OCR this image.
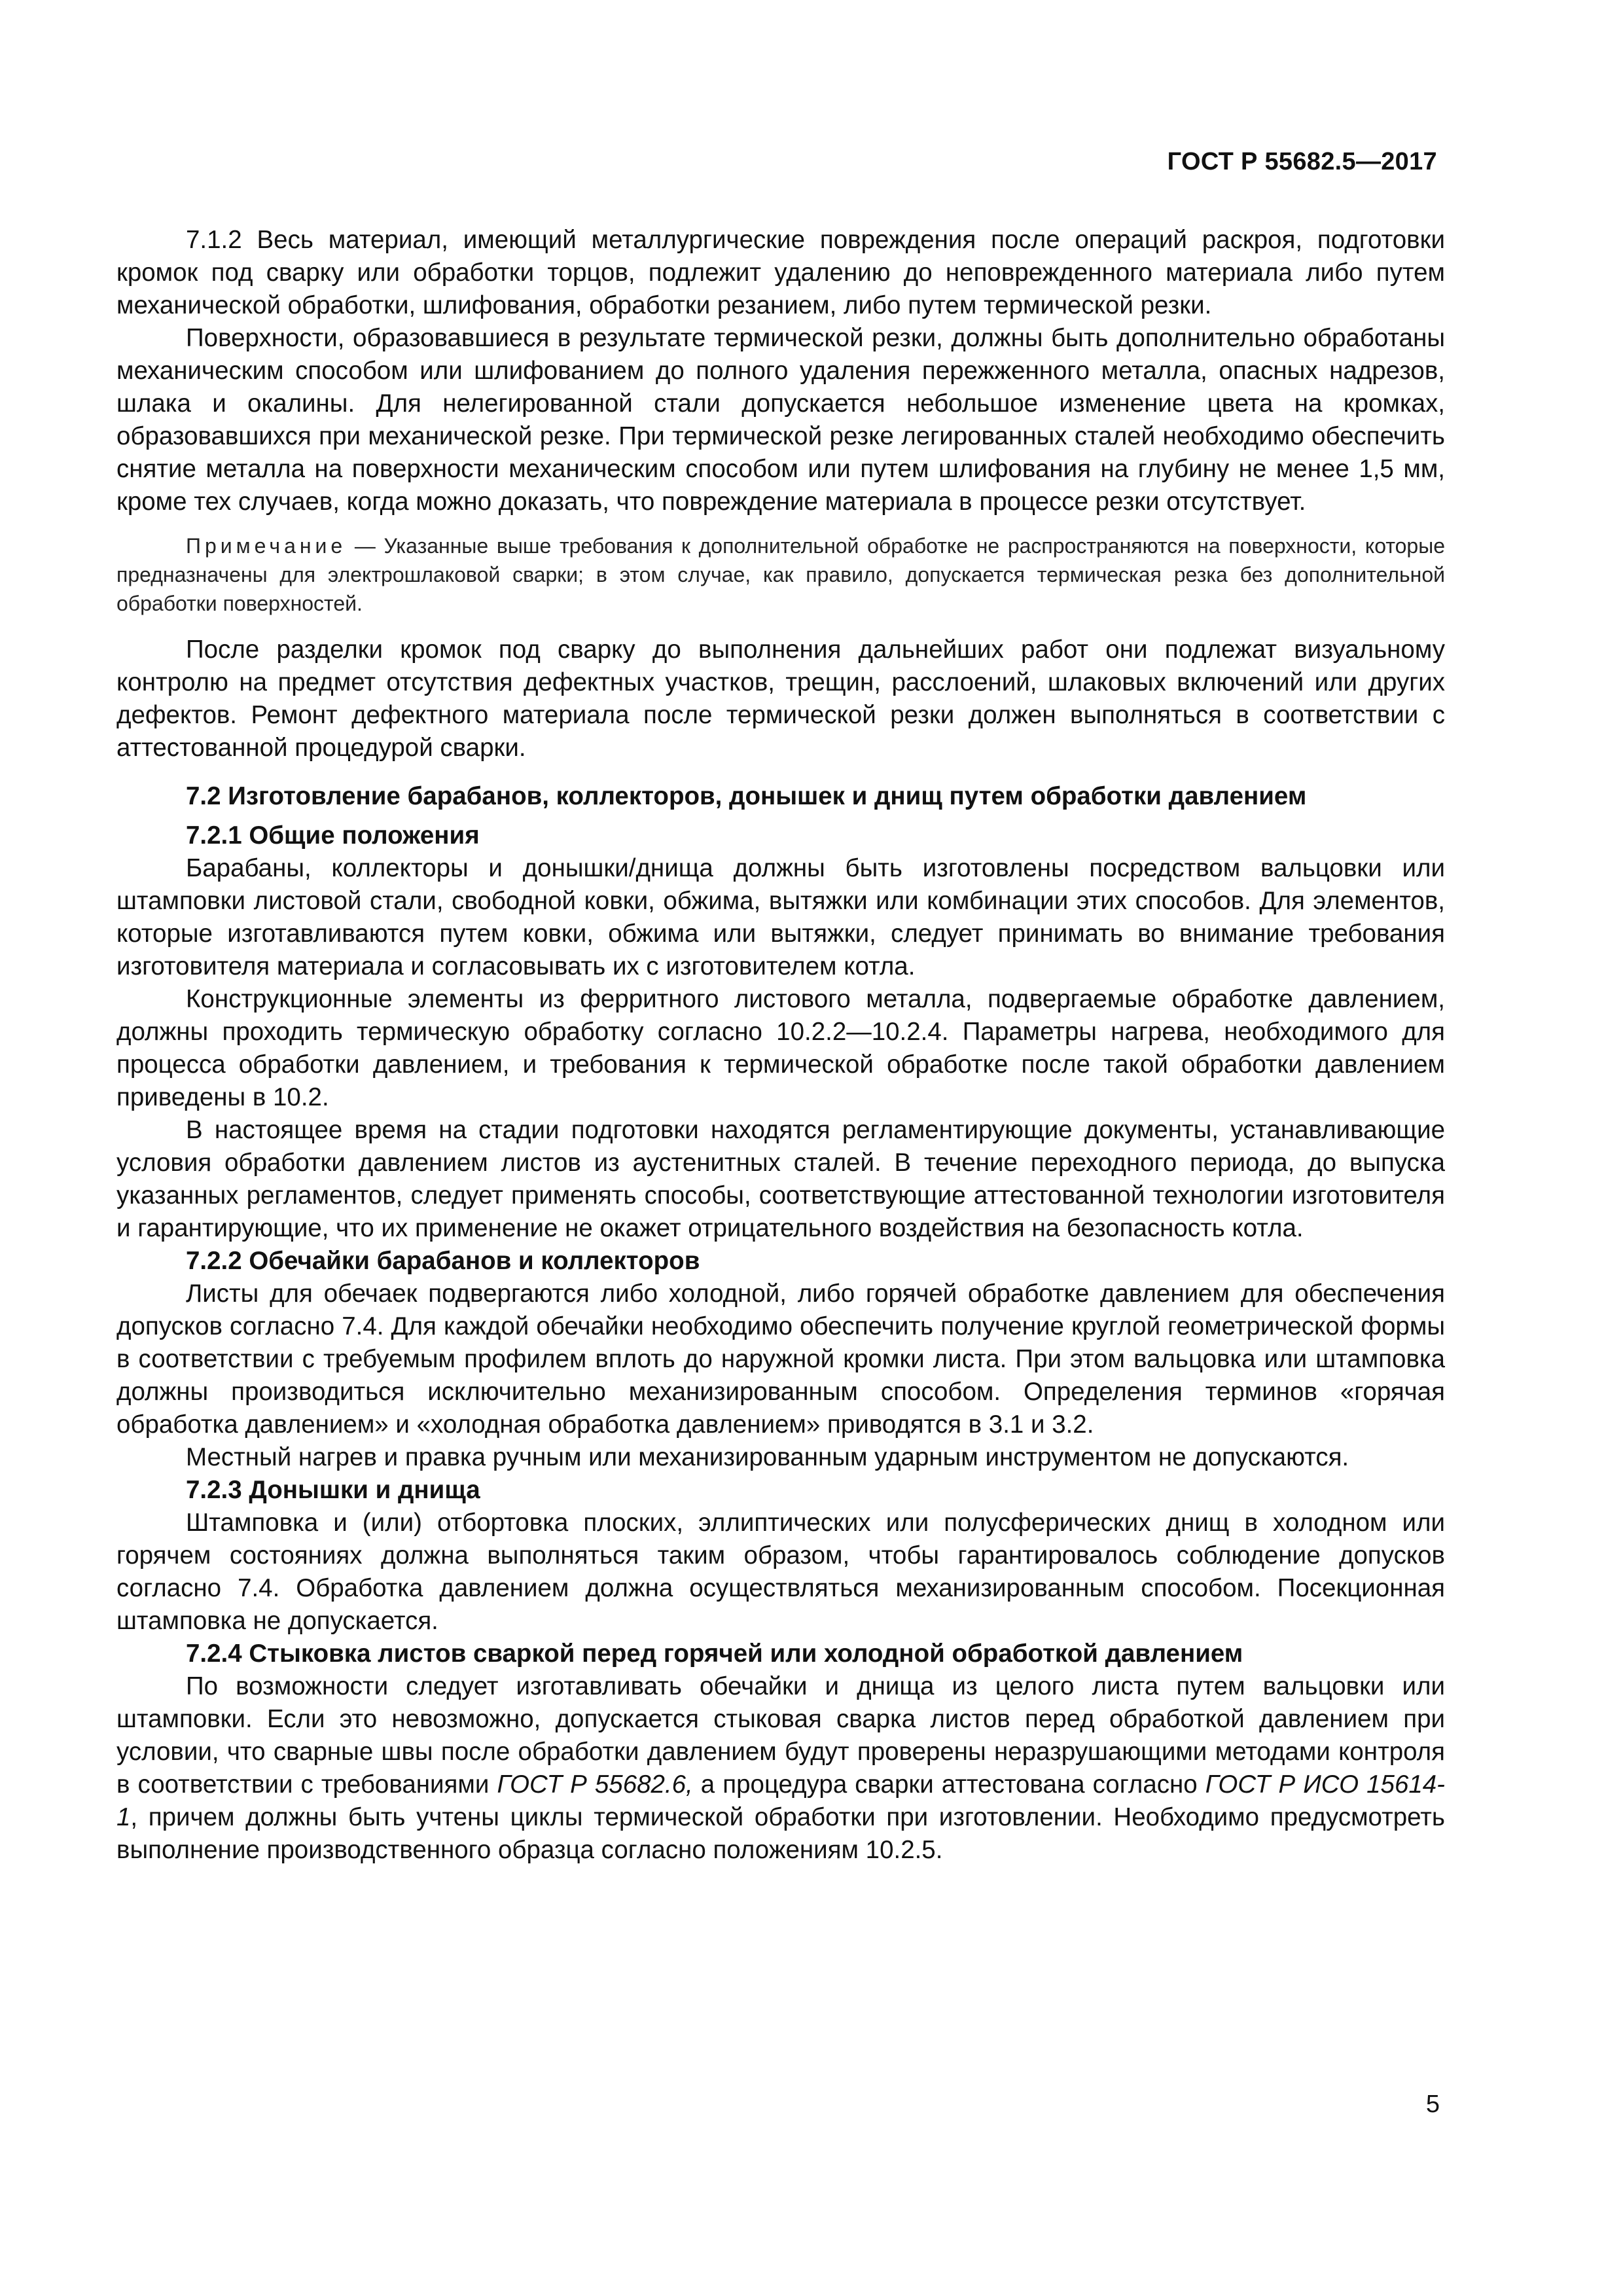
ГОСТ Р 55682.5—2017

7.1.2 Весь материал, имеющий металлургические повреждения после операций раскроя, подготовки кромок под сварку или обработки торцов, подлежит удалению до неповрежденного материала либо путем механической обработки, шлифования, обработки резанием, либо путем термической резки.

Поверхности, образовавшиеся в результате термической резки, должны быть дополнительно обработаны механическим способом или шлифованием до полного удаления пережженного металла, опасных надрезов, шлака и окалины. Для нелегированной стали допускается небольшое изменение цвета на кромках, образовавшихся при механической резке. При термической резке легированных сталей необходимо обеспечить снятие металла на поверхности механическим способом или путем шлифования на глубину не менее 1,5 мм, кроме тех случаев, когда можно доказать, что повреждение материала в процессе резки отсутствует.

Примечание — Указанные выше требования к дополнительной обработке не распространяются на поверхности, которые предназначены для электрошлаковой сварки; в этом случае, как правило, допускается термическая резка без дополнительной обработки поверхностей.

После разделки кромок под сварку до выполнения дальнейших работ они подлежат визуальному контролю на предмет отсутствия дефектных участков, трещин, расслоений, шлаковых включений или других дефектов. Ремонт дефектного материала после термической резки должен выполняться в соответствии с аттестованной процедурой сварки.

7.2 Изготовление барабанов, коллекторов, донышек и днищ путем обработки давлением

7.2.1 Общие положения

Барабаны, коллекторы и донышки/днища должны быть изготовлены посредством вальцовки или штамповки листовой стали, свободной ковки, обжима, вытяжки или комбинации этих способов. Для элементов, которые изготавливаются путем ковки, обжима или вытяжки, следует принимать во внимание требования изготовителя материала и согласовывать их с изготовителем котла.

Конструкционные элементы из ферритного листового металла, подвергаемые обработке давлением, должны проходить термическую обработку согласно 10.2.2—10.2.4. Параметры нагрева, необходимого для процесса обработки давлением, и требования к термической обработке после такой обработки давлением приведены в 10.2.

В настоящее время на стадии подготовки находятся регламентирующие документы, устанавливающие условия обработки давлением листов из аустенитных сталей. В течение переходного периода, до выпуска указанных регламентов, следует применять способы, соответствующие аттестованной технологии изготовителя и гарантирующие, что их применение не окажет отрицательного воздействия на безопасность котла.

7.2.2 Обечайки барабанов и коллекторов

Листы для обечаек подвергаются либо холодной, либо горячей обработке давлением для обеспечения допусков согласно 7.4. Для каждой обечайки необходимо обеспечить получение круглой геометрической формы в соответствии с требуемым профилем вплоть до наружной кромки листа. При этом вальцовка или штамповка должны производиться исключительно механизированным способом. Определения терминов «горячая обработка давлением» и «холодная обработка давлением» приводятся в 3.1 и 3.2.

Местный нагрев и правка ручным или механизированным ударным инструментом не допускаются.

7.2.3 Донышки и днища

Штамповка и (или) отбортовка плоских, эллиптических или полусферических днищ в холодном или горячем состояниях должна выполняться таким образом, чтобы гарантировалось соблюдение допусков согласно 7.4. Обработка давлением должна осуществляться механизированным способом. Посекционная штамповка не допускается.

7.2.4 Стыковка листов сваркой перед горячей или холодной обработкой давлением

По возможности следует изготавливать обечайки и днища из целого листа путем вальцовки или штамповки. Если это невозможно, допускается стыковая сварка листов перед обработкой давлением при условии, что сварные швы после обработки давлением будут проверены неразрушающими методами контроля в соответствии с требованиями ГОСТ Р 55682.6, а процедура сварки аттестована согласно ГОСТ Р ИСО 15614-1, причем должны быть учтены циклы термической обработки при изготовлении. Необходимо предусмотреть выполнение производственного образца согласно положениям 10.2.5.

5
